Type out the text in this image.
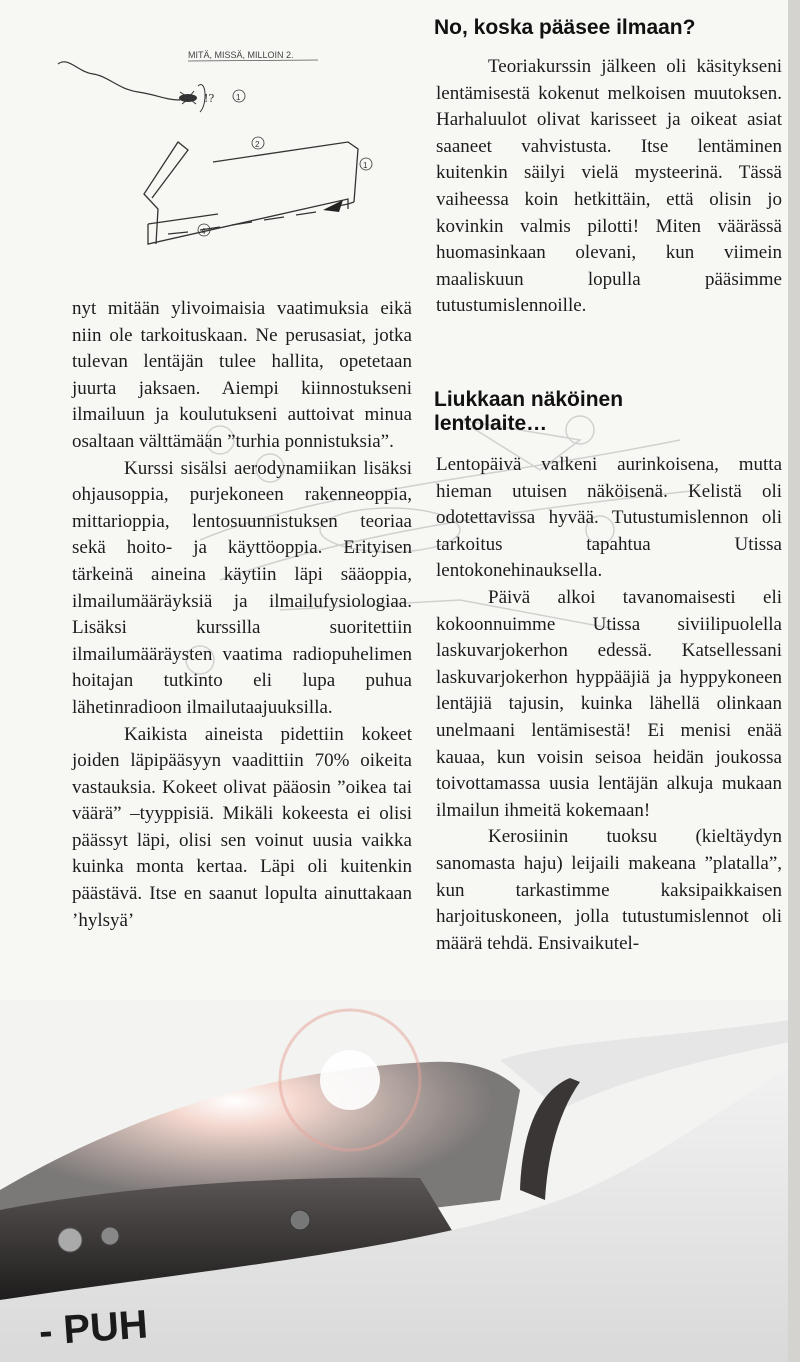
MITÄ, MISSÄ, MILLOIN 2.
!?	1
2
1
4

nyt mitään ylivoimaisia vaatimuksia eikä niin ole tarkoituskaan. Ne perusasiat, jotka tulevan lentäjän tulee hallita, opetetaan juurta jaksaen. Aiempi kiinnostukseni ilmailuun ja koulutukseni auttoivat minua osaltaan välttämään ”turhia ponnistuksia”.

Kurssi sisälsi aerodynamiikan lisäksi ohjausoppia, purjekoneen rakenneoppia, mittarioppia, lentosuunnistuksen teoriaa sekä hoito- ja käyttöoppia. Erityisen tärkeinä aineina käytiin läpi sääoppia, ilmailumääräyksiä ja ilmailufysiologiaa. Lisäksi kurssilla suoritettiin ilmailumääräysten vaatima radiopuhelimen hoitajan tutkinto eli lupa puhua lähetinradioon ilmailutaajuuksilla.

Kaikista aineista pidettiin kokeet joiden läpipääsyyn vaadittiin 70% oikeita vastauksia. Kokeet olivat pääosin ”oikea tai väärä” –tyyppisiä. Mikäli kokeesta ei olisi päässyt läpi, olisi sen voinut uusia vaikka kuinka monta kertaa. Läpi oli kuitenkin päästävä. Itse en saanut lopulta ainuttakaan ’hylsyä’

No, koska pääsee ilmaan?

Teoriakurssin jälkeen oli käsitykseni lentämisestä kokenut melkoisen muutoksen. Harhaluulot olivat karisseet ja oikeat asiat saaneet vahvistusta. Itse lentäminen kuitenkin säilyi vielä mysteerinä. Tässä vaiheessa koin hetkittäin, että olisin jo kovinkin valmis pilotti! Miten väärässä huomasinkaan olevani, kun viimein maaliskuun lopulla pääsimme tutustumislennoille.

Liukkaan näköinen lentolaite…

Lentopäivä valkeni aurinkoisena, mutta hieman utuisen näköisenä. Kelistä oli odotettavissa hyvää. Tutustumislennon oli tarkoitus tapahtua Utissa lentokonehinauksella.

Päivä alkoi tavanomaisesti eli kokoonnuimme Utissa siviilipuolella laskuvarjokerhon edessä. Katsellessani laskuvarjokerhon hyppääjiä ja hyppykoneen lentäjiä tajusin, kuinka lähellä olinkaan unelmaani lentämisestä! Ei menisi enää kauaa, kun voisin seisoa heidän joukossa toivottamassa uusia lentäjän alkuja mukaan ilmailun ihmeitä kokemaan!

Kerosiinin tuoksu (kieltäydyn sanomasta haju) leijaili makeana ”platalla”, kun tarkastimme kaksipaikkaisen harjoituskoneen, jolla tutustumislennot oli määrä tehdä. Ensivaikutel-

- PUH
